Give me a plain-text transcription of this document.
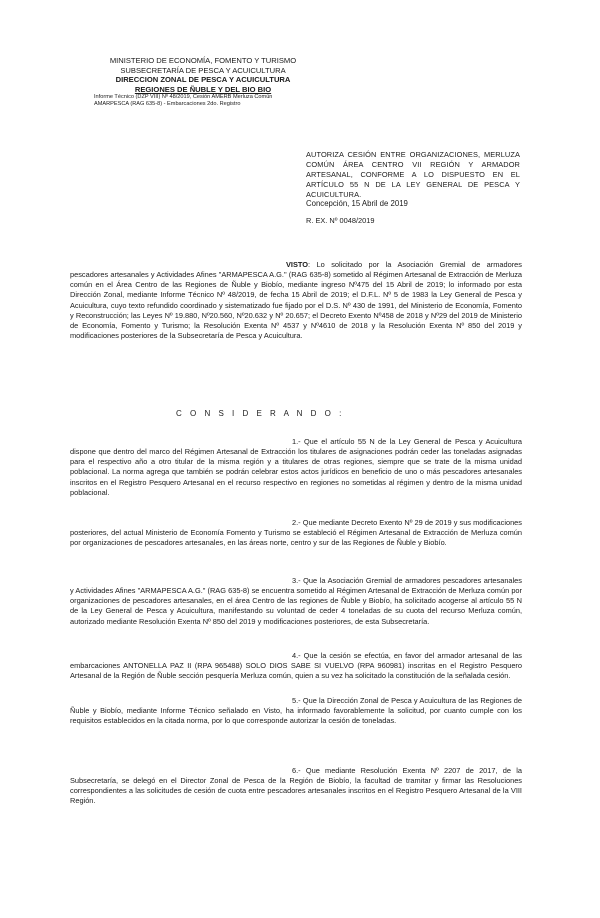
MINISTERIO DE ECONOMÍA, FOMENTO Y TURISMO
SUBSECRETARÍA DE PESCA Y ACUICULTURA
DIRECCION ZONAL DE PESCA Y ACUICULTURA
REGIONES DE ÑUBLE Y DEL BIO BIO
Informe Técnico (DZP VIII) Nº 48/2019, Cesión AMERB Merluza Común
AMARPESCA (RAG 635-8) - Embarcaciones 2do. Registro
AUTORIZA CESIÓN ENTRE ORGANIZACIONES, MERLUZA COMÚN ÁREA CENTRO VII REGIÓN Y ARMADOR ARTESANAL, CONFORME A LO DISPUESTO EN EL ARTÍCULO 55 N DE LA LEY GENERAL DE PESCA Y ACUICULTURA.
Concepción, 15 Abril de 2019
R. EX. Nº 0048/2019
VISTO: Lo solicitado por la Asociación Gremial de armadores pescadores artesanales y Actividades Afines "ARMAPESCA A.G." (RAG 635-8) sometido al Régimen Artesanal de Extracción de Merluza común en el Área Centro de las Regiones de Ñuble y Biobío, mediante ingreso Nº475 del 15 Abril de 2019; lo informado por esta Dirección Zonal, mediante Informe Técnico Nº 48/2019, de fecha 15 Abril de 2019; el D.F.L. Nº 5 de 1983 la Ley General de Pesca y Acuicultura, cuyo texto refundido coordinado y sistematizado fue fijado por el D.S. Nº 430 de 1991, del Ministerio de Economía, Fomento y Reconstrucción; las Leyes Nº 19.880, Nº20.560, Nº20.632 y Nº 20.657; el Decreto Exento Nº458 de 2018 y Nº29 del 2019 de Ministerio de Economía, Fomento y Turismo; la Resolución Exenta Nº 4537 y Nº4610 de 2018 y la Resolución Exenta Nº 850 del 2019 y modificaciones posteriores de la Subsecretaría de Pesca y Acuicultura.
C O N S I D E R A N D O :
1.- Que el artículo 55 N de la Ley General de Pesca y Acuicultura dispone que dentro del marco del Régimen Artesanal de Extracción los titulares de asignaciones podrán ceder las toneladas asignadas para el respectivo año a otro titular de la misma región y a titulares de otras regiones, siempre que se trate de la misma unidad poblacional. La norma agrega que también se podrán celebrar estos actos jurídicos en beneficio de uno o más pescadores artesanales inscritos en el Registro Pesquero Artesanal en el recurso respectivo en regiones no sometidas al régimen y dentro de la misma unidad poblacional.
2.- Que mediante Decreto Exento Nº 29 de 2019 y sus modificaciones posteriores, del actual Ministerio de Economía Fomento y Turismo se estableció el Régimen Artesanal de Extracción de Merluza común por organizaciones de pescadores artesanales, en las áreas norte, centro y sur de las Regiones de Ñuble y Biobío.
3.- Que la Asociación Gremial de armadores pescadores artesanales y Actividades Afines "ARMAPESCA A.G." (RAG 635-8) se encuentra sometido al Régimen Artesanal de Extracción de Merluza común por organizaciones de pescadores artesanales, en el área Centro de las regiones de Ñuble y Biobío, ha solicitado acogerse al artículo 55 N de la Ley General de Pesca y Acuicultura, manifestando su voluntad de ceder 4 toneladas de su cuota del recurso Merluza común, autorizado mediante Resolución Exenta Nº 850 del 2019 y modificaciones posteriores, de esta Subsecretaría.
4.- Que la cesión se efectúa, en favor del armador artesanal de las embarcaciones ANTONELLA PAZ II (RPA 965488) SOLO DIOS SABE SI VUELVO (RPA 960981) inscritas en el Registro Pesquero Artesanal de la Región de Ñuble sección pesquería Merluza común, quien a su vez ha solicitado la constitución de la señalada cesión.
5.- Que la Dirección Zonal de Pesca y Acuicultura de las Regiones de Ñuble y Biobío, mediante Informe Técnico señalado en Visto, ha informado favorablemente la solicitud, por cuanto cumple con los requisitos establecidos en la citada norma, por lo que corresponde autorizar la cesión de toneladas.
6.- Que mediante Resolución Exenta Nº 2207 de 2017, de la Subsecretaría, se delegó en el Director Zonal de Pesca de la Región de Biobío, la facultad de tramitar y firmar las Resoluciones correspondientes a las solicitudes de cesión de cuota entre pescadores artesanales inscritos en el Registro Pesquero Artesanal de la VIII Región.
